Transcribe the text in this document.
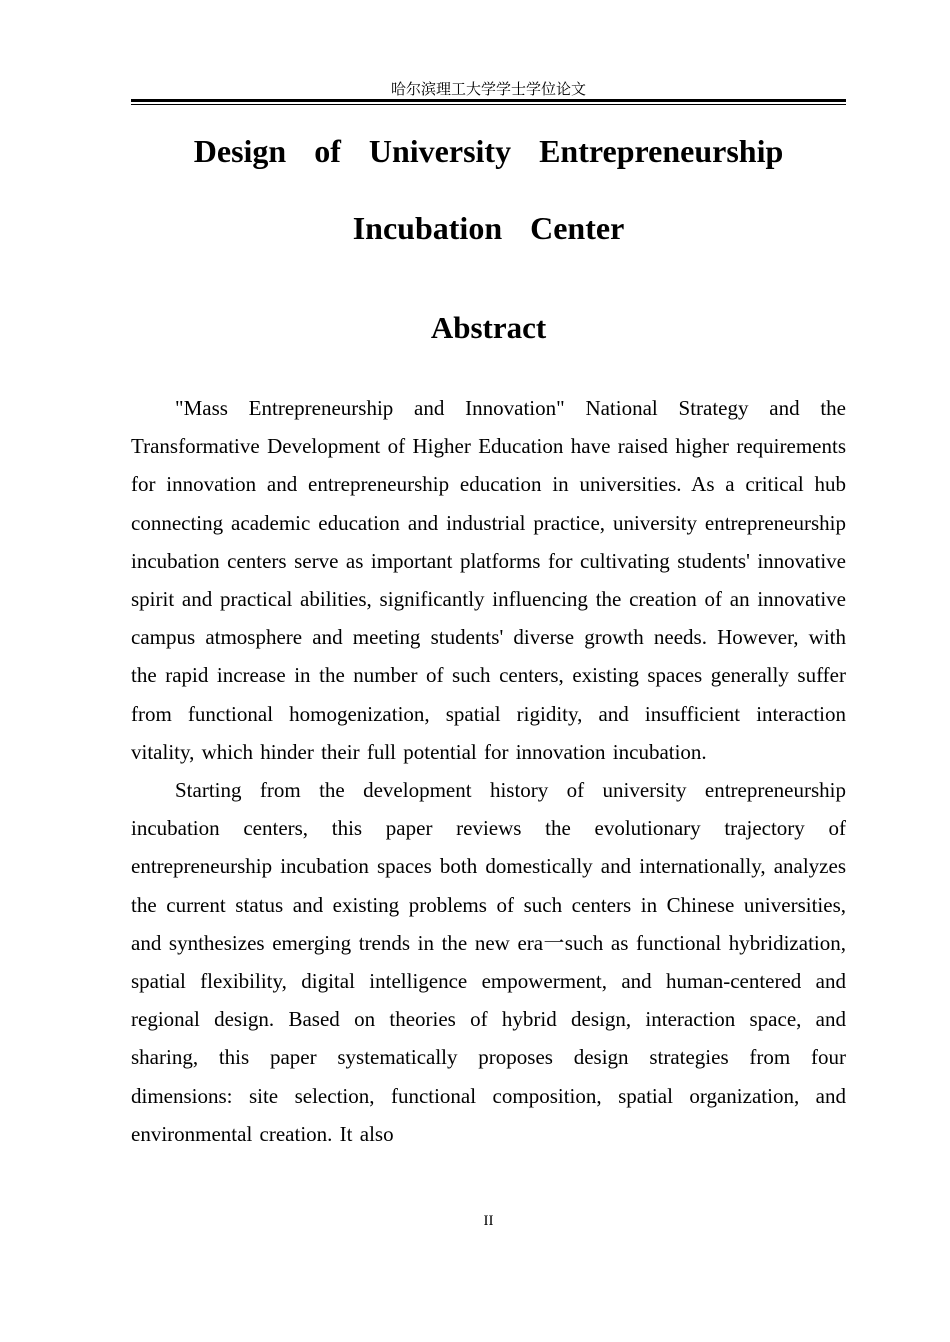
哈尔滨理工大学学士学位论文
Design  of  University  Entrepreneurship
Incubation  Center
Abstract

"Mass Entrepreneurship and Innovation" National Strategy and the Transformative Development of Higher Education have raised higher requirements for innovation and entrepreneurship education in universities. As a critical hub connecting academic education and industrial practice, university entrepreneurship incubation centers serve as important platforms for cultivating students' innovative spirit and practical abilities, significantly influencing the creation of an innovative campus atmosphere and meeting students' diverse growth needs. However, with the rapid increase in the number of such centers, existing spaces generally suffer from functional homogenization, spatial rigidity, and insufficient interaction vitality, which hinder their full potential for innovation incubation.

Starting from the development history of university entrepreneurship incubation centers, this paper reviews the evolutionary trajectory of entrepreneurship incubation spaces both domestically and internationally, analyzes the current status and existing problems of such centers in Chinese universities, and synthesizes emerging trends in the new era一such as functional hybridization, spatial flexibility, digital intelligence empowerment, and human-centered and regional design. Based on theories of hybrid design, interaction space, and sharing, this paper systematically proposes design strategies from four dimensions: site selection, functional composition, spatial organization, and environmental creation. It also

II
